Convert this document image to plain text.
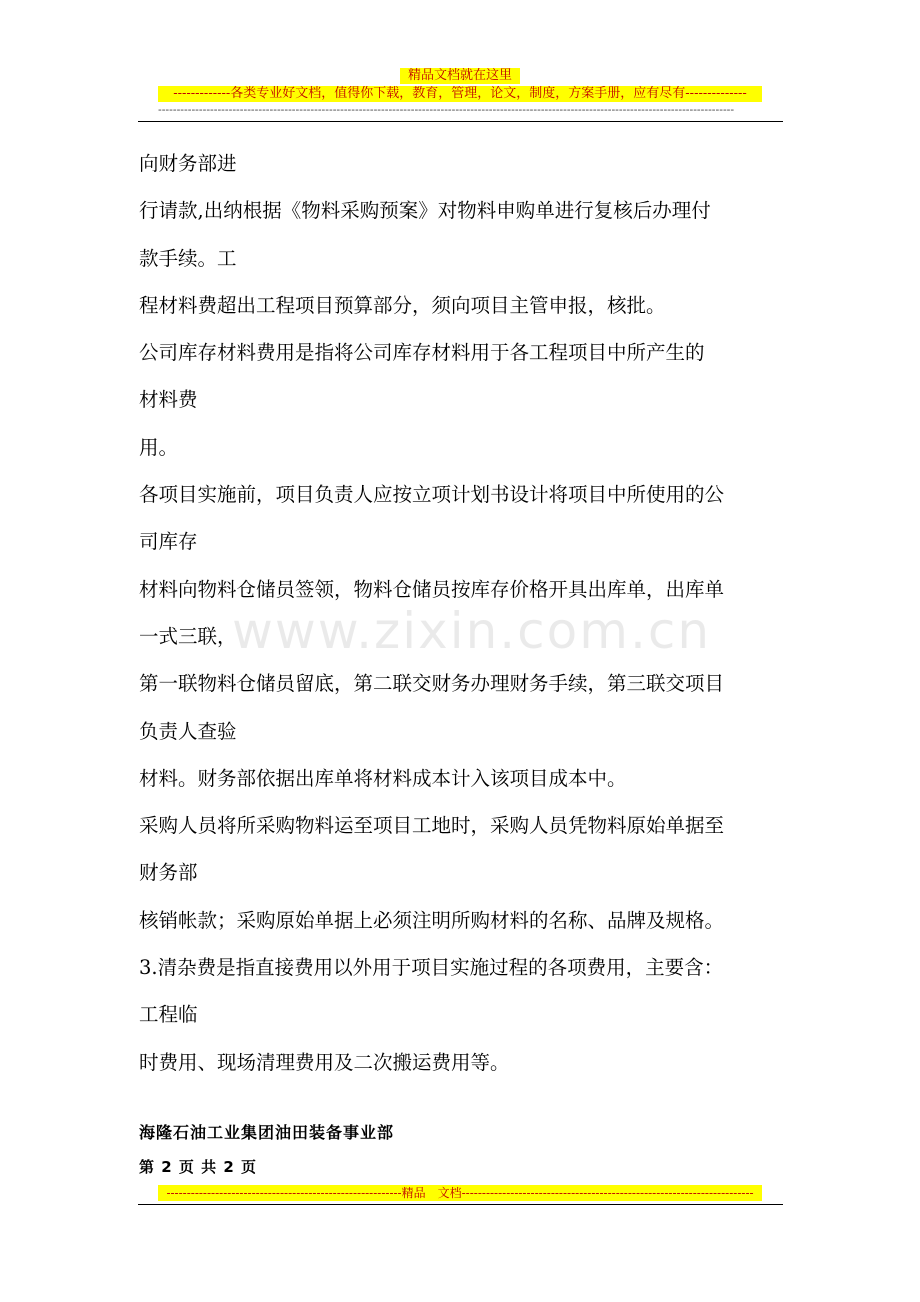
精品文档就在这里
-------------各类专业好文档，值得你下载，教育，管理，论文，制度，方案手册，应有尽有--------------
-----------------------------------------------------------------------------------------------------------------------------------------------------------

向财务部进

行请款,出纳根据《物料采购预案》对物料申购单进行复核后办理付

款手续。工

程材料费超出工程项目预算部分，须向项目主管申报，核批。

公司库存材料费用是指将公司库存材料用于各工程项目中所产生的

材料费

用。

各项目实施前，项目负责人应按立项计划书设计将项目中所使用的公

司库存

材料向物料仓储员签领，物料仓储员按库存价格开具出库单，出库单

一式三联，

第一联物料仓储员留底，第二联交财务办理财务手续，第三联交项目

负责人查验

材料。财务部依据出库单将材料成本计入该项目成本中。

采购人员将所采购物料运至项目工地时，采购人员凭物料原始单据至

财务部

核销帐款；采购原始单据上必须注明所购材料的名称、品牌及规格。

3.清杂费是指直接费用以外用于项目实施过程的各项费用，主要含：

工程临

时费用、现场清理费用及二次搬运费用等。

www.zixin.com.cn
海隆石油工业集团油田装备事业部
第 2 页 共 2 页
----------------------------------------------------------精品　文档------------------------------------------------------------------------
